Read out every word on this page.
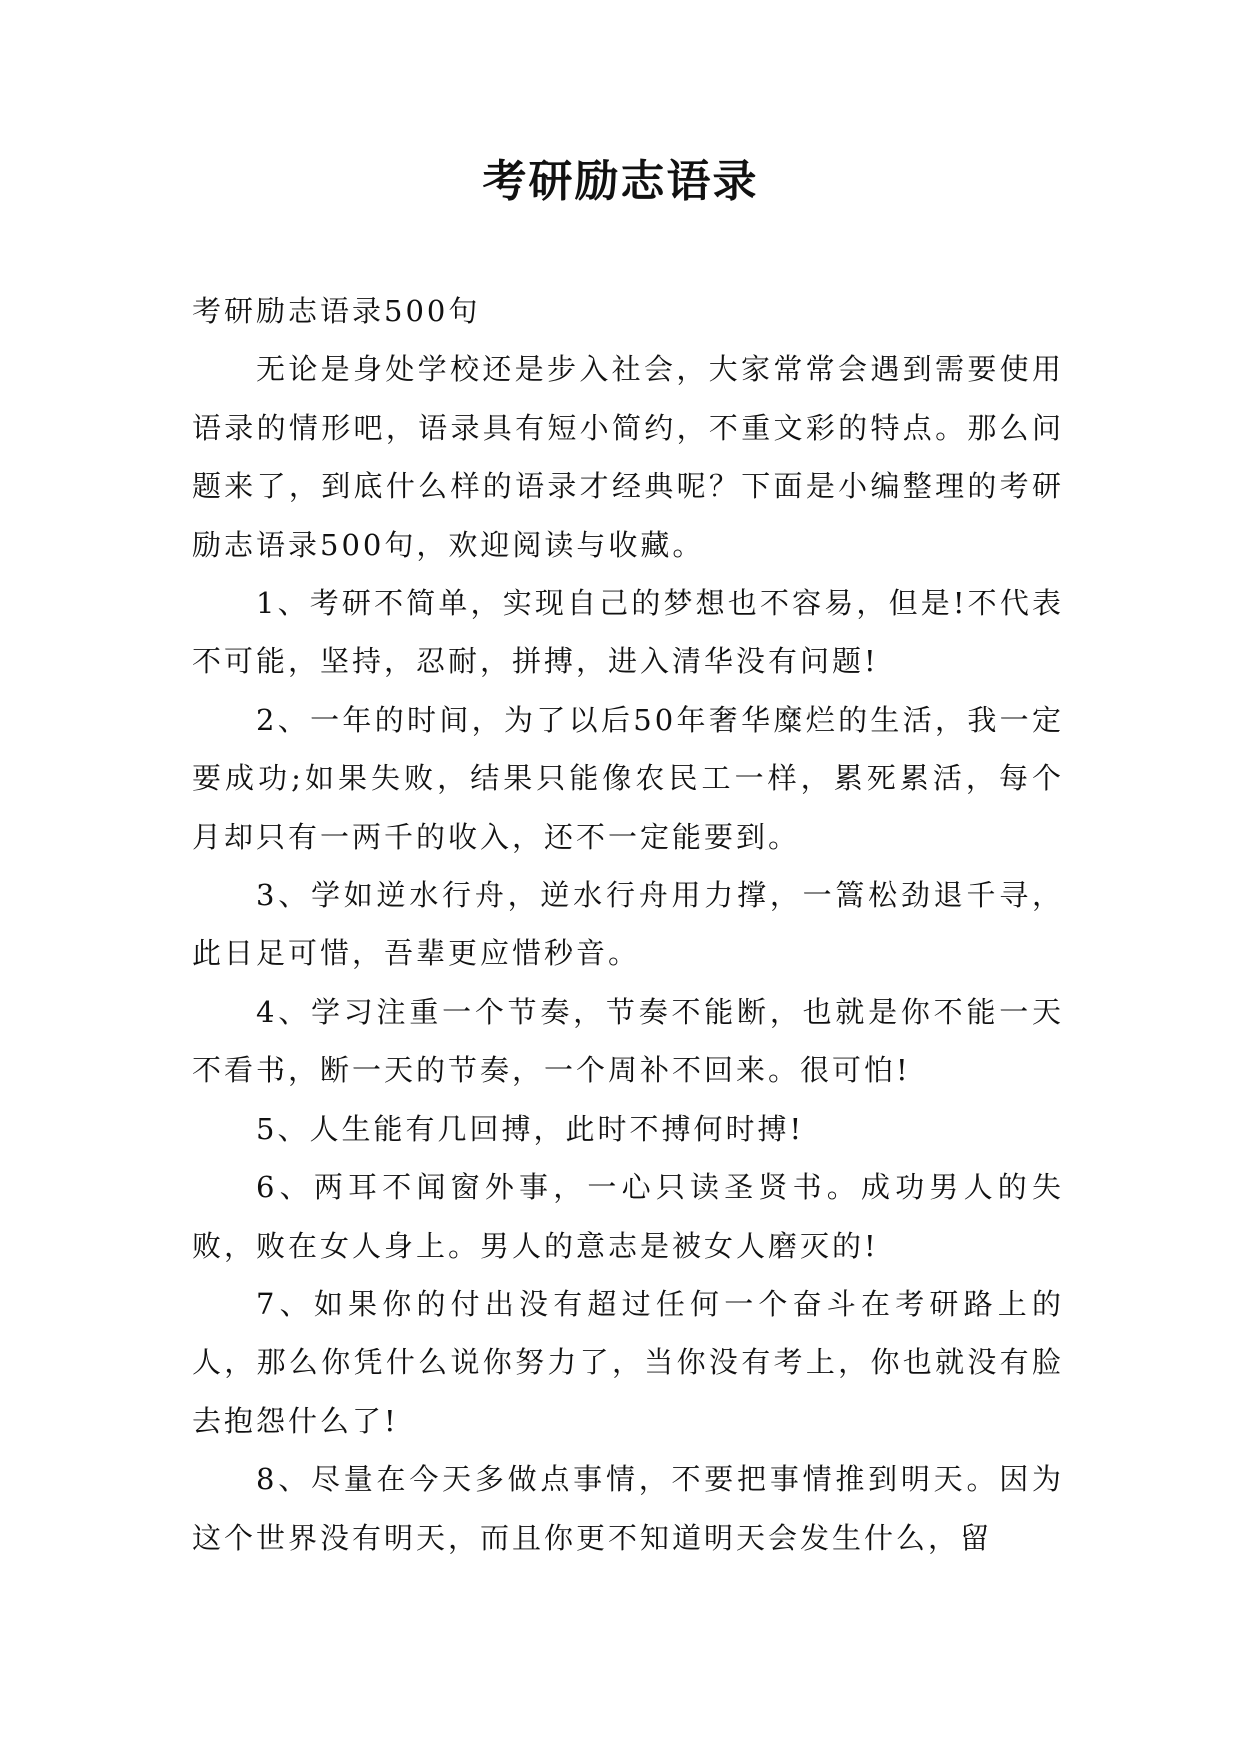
考研励志语录

考研励志语录500句

无论是身处学校还是步入社会，大家常常会遇到需要使用语录的情形吧，语录具有短小简约，不重文彩的特点。那么问题来了，到底什么样的语录才经典呢？下面是小编整理的考研励志语录500句，欢迎阅读与收藏。

1、考研不简单，实现自己的梦想也不容易，但是!不代表不可能，坚持，忍耐，拼搏，进入清华没有问题!

2、一年的时间，为了以后50年奢华糜烂的生活，我一定要成功;如果失败，结果只能像农民工一样，累死累活，每个月却只有一两千的收入，还不一定能要到。

3、学如逆水行舟，逆水行舟用力撑，一篙松劲退千寻，此日足可惜，吾辈更应惜秒音。

4、学习注重一个节奏，节奏不能断，也就是你不能一天不看书，断一天的节奏，一个周补不回来。很可怕!

5、人生能有几回搏，此时不搏何时搏!

6、两耳不闻窗外事，一心只读圣贤书。成功男人的失败，败在女人身上。男人的意志是被女人磨灭的!

7、如果你的付出没有超过任何一个奋斗在考研路上的人，那么你凭什么说你努力了，当你没有考上，你也就没有脸去抱怨什么了!

8、尽量在今天多做点事情，不要把事情推到明天。因为这个世界没有明天，而且你更不知道明天会发生什么，留
